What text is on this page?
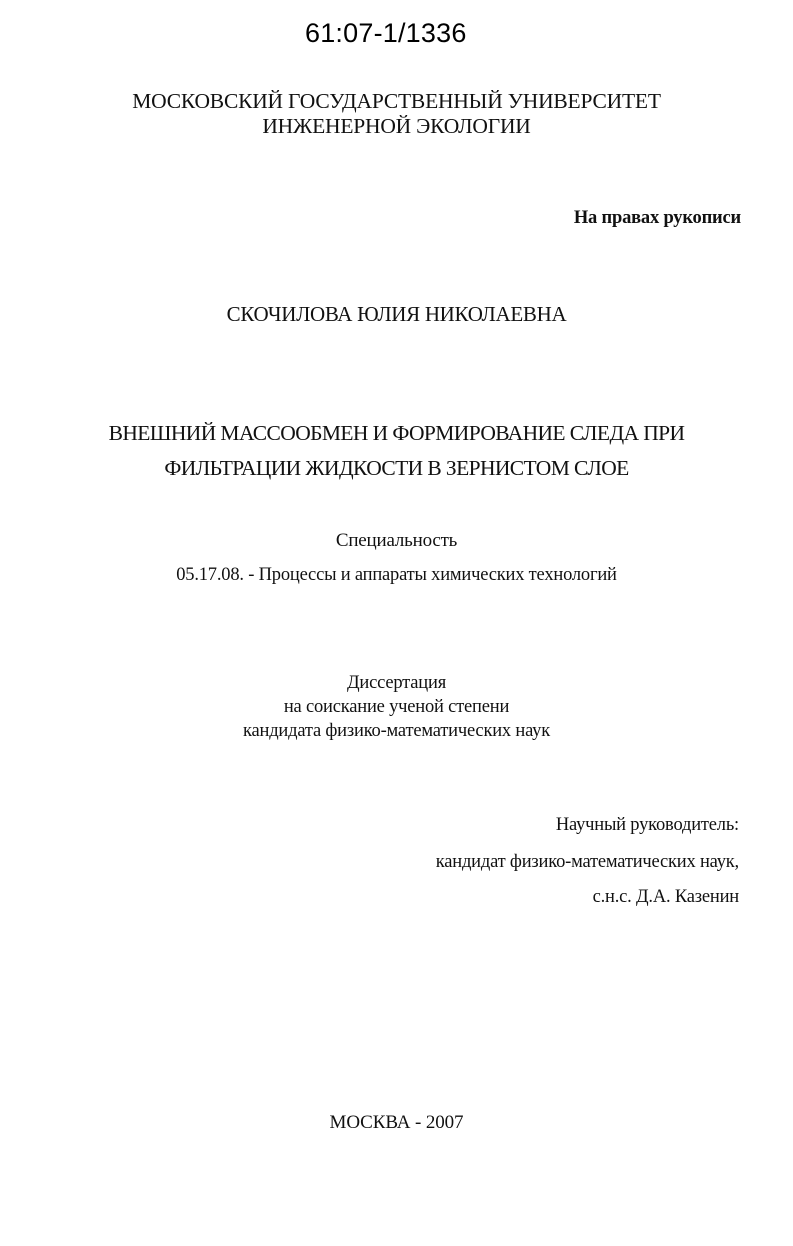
61:07-1/1336
МОСКОВСКИЙ ГОСУДАРСТВЕННЫЙ УНИВЕРСИТЕТ
ИНЖЕНЕРНОЙ ЭКОЛОГИИ
На правах рукописи
СКОЧИЛОВА ЮЛИЯ НИКОЛАЕВНА
ВНЕШНИЙ МАССООБМЕН И ФОРМИРОВАНИЕ СЛЕДА ПРИ
ФИЛЬТРАЦИИ ЖИДКОСТИ В ЗЕРНИСТОМ СЛОЕ
Специальность
05.17.08. - Процессы и аппараты химических технологий
Диссертация
на соискание ученой степени
кандидата физико-математических наук
Научный руководитель:
кандидат физико-математических наук,
с.н.с. Д.А. Казенин
МОСКВА - 2007
